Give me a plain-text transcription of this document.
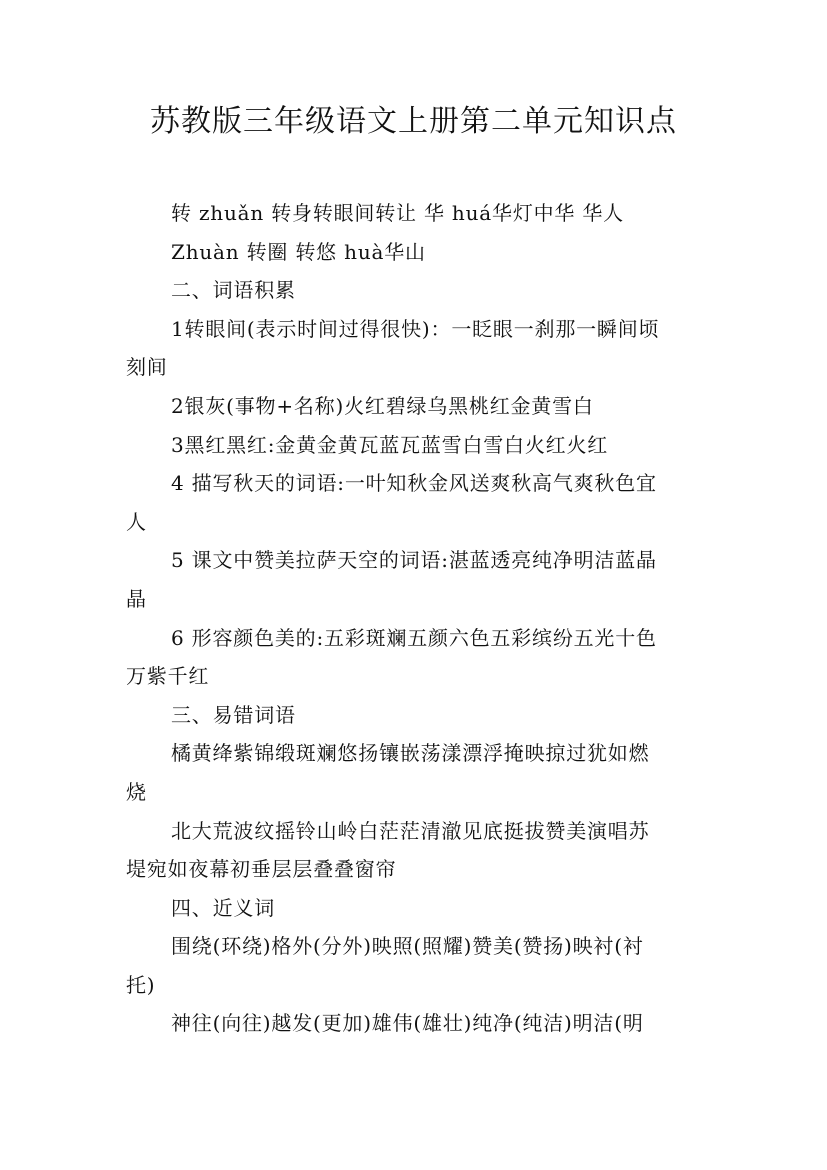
苏教版三年级语文上册第二单元知识点
转 zhuǎn 转身转眼间转让 华 huá华灯中华 华人
Zhuàn 转圈 转悠 huà华山
二、词语积累
1转眼间(表示时间过得很快)：一眨眼一刹那一瞬间顷
刻间
2银灰(事物+名称)火红碧绿乌黑桃红金黄雪白
3黑红黑红:金黄金黄瓦蓝瓦蓝雪白雪白火红火红
4 描写秋天的词语:一叶知秋金风送爽秋高气爽秋色宜
人
5 课文中赞美拉萨天空的词语:湛蓝透亮纯净明洁蓝晶
晶
6 形容颜色美的:五彩斑斓五颜六色五彩缤纷五光十色
万紫千红
三、易错词语
橘黄绛紫锦缎斑斓悠扬镶嵌荡漾漂浮掩映掠过犹如燃
烧
北大荒波纹摇铃山岭白茫茫清澈见底挺拔赞美演唱苏
堤宛如夜幕初垂层层叠叠窗帘
四、近义词
围绕(环绕)格外(分外)映照(照耀)赞美(赞扬)映衬(衬
托)
神往(向往)越发(更加)雄伟(雄壮)纯净(纯洁)明洁(明
